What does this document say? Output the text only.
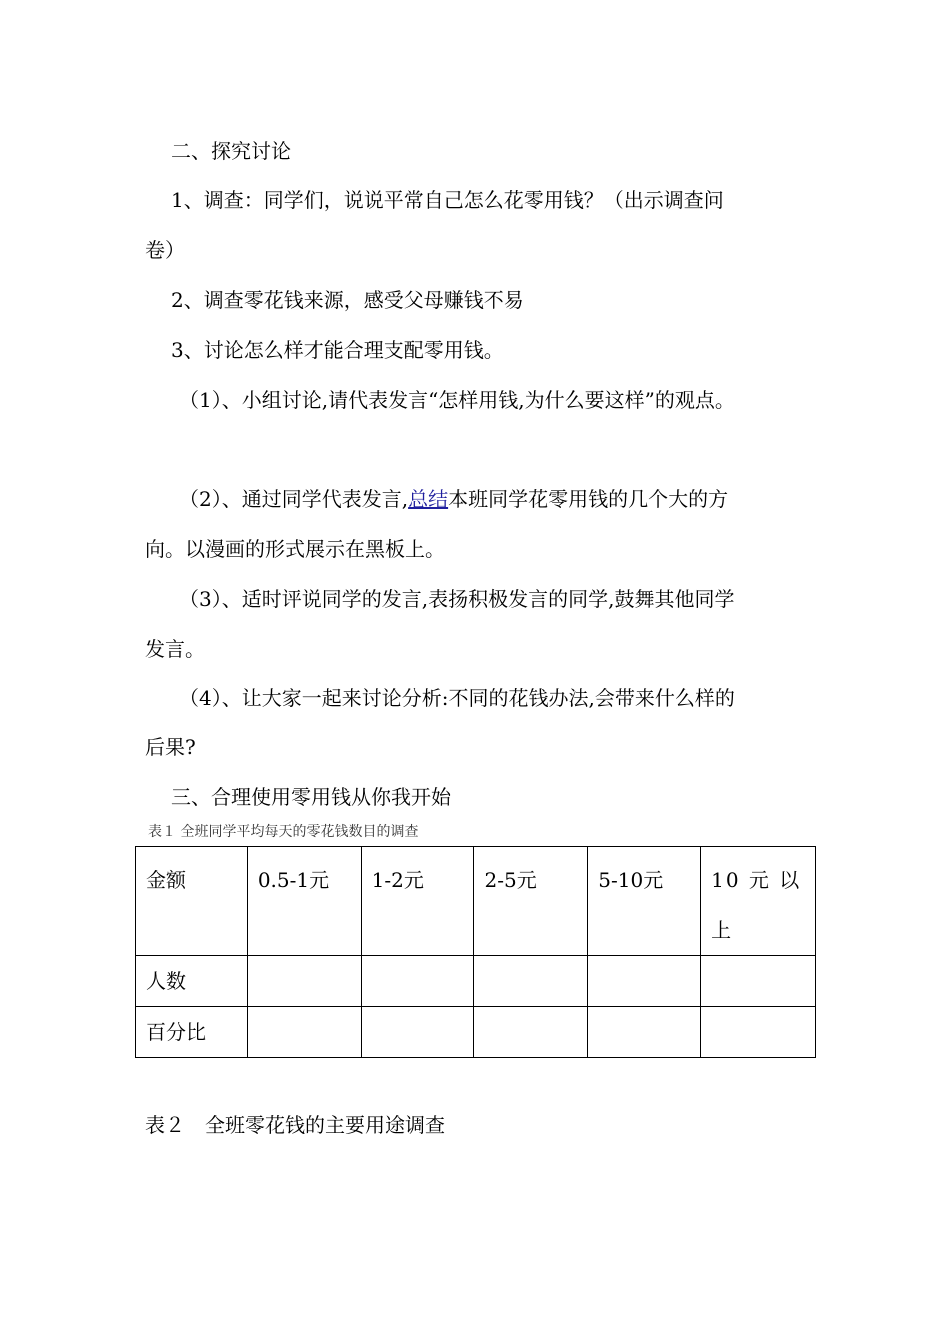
二、探究讨论

1、调查：同学们，说说平常自己怎么花零用钱？（出示调查问

卷）

2、调查零花钱来源，感受父母赚钱不易

3、讨论怎么样才能合理支配零用钱。

（1）、小组讨论,请代表发言“怎样用钱,为什么要这样”的观点。

（2）、通过同学代表发言,总结本班同学花零用钱的几个大的方

向。以漫画的形式展示在黑板上。

（3）、适时评说同学的发言,表扬积极发言的同学,鼓舞其他同学

发言。

（4）、让大家一起来讨论分析:不同的花钱办法,会带来什么样的

后果?

三、合理使用零用钱从你我开始

表１ 全班同学平均每天的零花钱数目的调查
金额	0.5-1元	1-2元	2-5元	5-10元	10 元 以上
人数					
百分比					
表２　全班零花钱的主要用途调查
